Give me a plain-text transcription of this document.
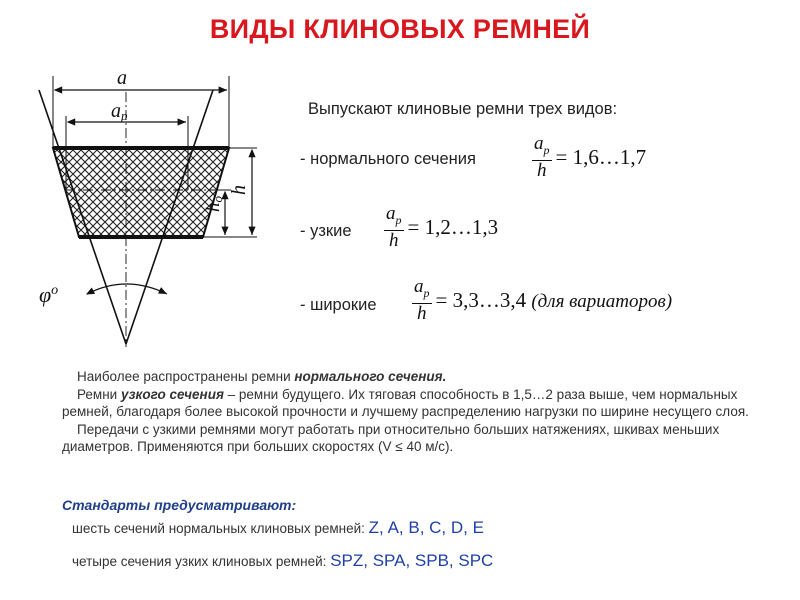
ВИДЫ КЛИНОВЫХ РЕМНЕЙ
a
ap
ho
h
$\varphi^o$
Выпускают клиновые ремни трех видов:
- нормального сечения	$\frac{a_p}{h}$ = 1,6…1,7
- узкие $\frac{a_p}{h}$ = 1,2…1,3
- широкие $\frac{a_p}{h}$ = 3,3…3,4 (для вариаторов)

Наиболее распространены ремни нормального сечения.

Ремни узкого сечения – ремни будущего. Их тяговая способность в 1,5…2 раза выше, чем нормальных ремней, благодаря более высокой прочности и лучшему распределению нагрузки по ширине несущего слоя.

Передачи с узкими ремнями могут работать при относительно больших натяжениях, шкивах меньших диаметров. Применяются при больших скоростях (V ≤ 40 м/с).

Стандарты предусматривают:
шесть сечений нормальных клиновых ремней: Z, A, B, C, D, E
четыре сечения узких клиновых ремней: SPZ, SPA, SPB, SPC
